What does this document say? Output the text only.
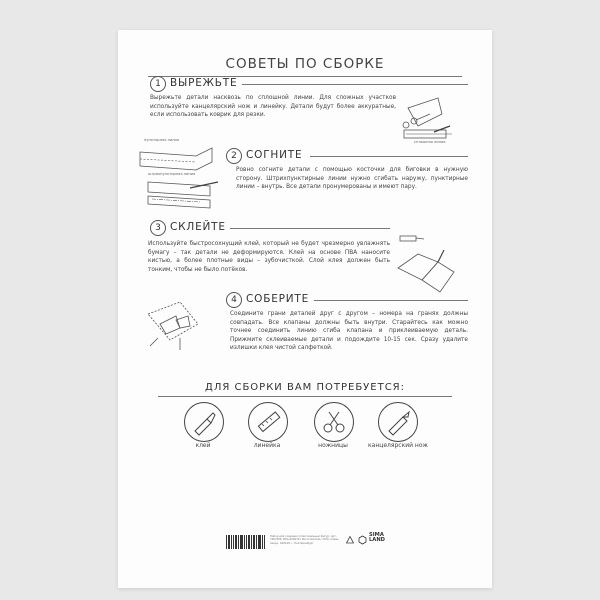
СОВЕТЫ ПО СБОРКЕ
1 ВЫРЕЖЬТЕ
Вырежьте детали насквозь по сплошной линии. Для сложных участков используйте канцелярский нож и линейку. Детали будут более аккуратные, если использовать коврик для резки.
сплошная линия
пунктирная линия
штрихпунктирная линия
2 СОГНИТЕ
Ровно согните детали с помощью косточки для биговки в нужную сторону. Штрихпунктирные линии нужно сгибать наружу, пунктирные линии – внутрь. Все детали пронумерованы и имеют пару.
3 СКЛЕЙТЕ
Используйте быстросохнущий клей, который не будет чрезмерно увлажнять бумагу – так детали не деформируются. Клей на основе ПВА наносите кистью, а более плотные виды – зубочисткой. Слой клея должен быть тонким, чтобы не было потёков.
4 СОБЕРИТЕ
Соедините грани деталей друг с другом – номера на гранях должны совпадать. Все клапаны должны быть внутри. Старайтесь как можно точнее соединить линию сгиба клапана и приклеиваемую деталь. Прижмите склеиваемые детали и подождите 10-15 сек. Сразу удалите излишки клея чистой салфеткой.
ДЛЯ СБОРКИ ВАМ ПОТРЕБУЕТСЯ:
клей	линейка	ножницы	канцелярский нож
Набор для создания полигональных фигур. Арт. 7487506. ВКА-4260721 Изготовитель: ООО «Сима-ленд», 620100, г. Екатеринбург
SIMA LAND
